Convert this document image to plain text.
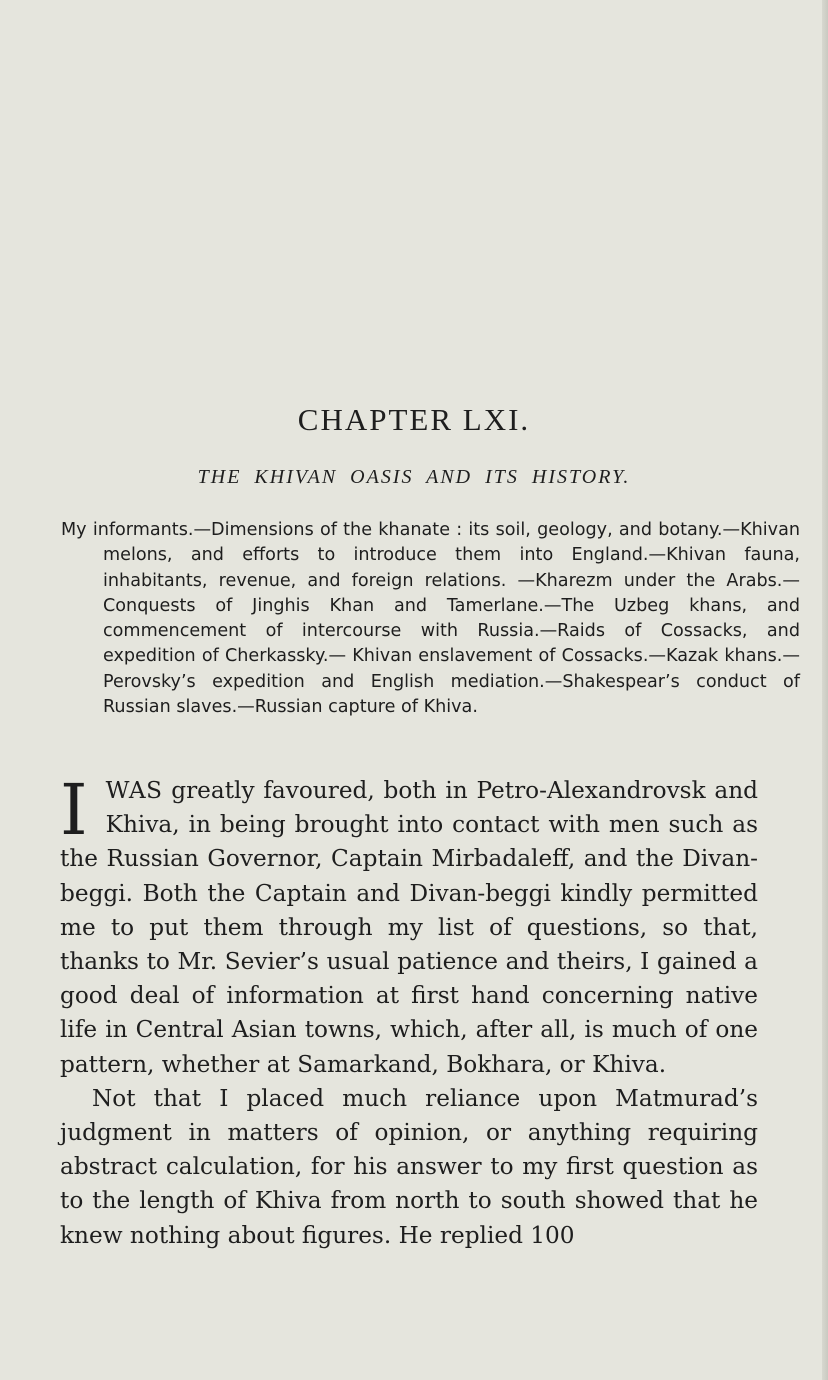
CHAPTER LXI.
THE KHIVAN OASIS AND ITS HISTORY.

My informants.—Dimensions of the khanate : its soil, geology, and botany.—Khivan melons, and efforts to introduce them into England.—Khivan fauna, inhabitants, revenue, and foreign relations. —Kharezm under the Arabs.—Conquests of Jinghis Khan and Tamerlane.—The Uzbeg khans, and commencement of intercourse with Russia.—Raids of Cossacks, and expedition of Cherkassky.— Khivan enslavement of Cossacks.—Kazak khans.—Perovsky’s expedition and English mediation.—Shakespear’s conduct of Russian slaves.—Russian capture of Khiva.

IWAS greatly favoured, both in Petro-Alexandrovsk and Khiva, in being brought into contact with men such as the Russian Governor, Captain Mirbadaleff, and the Divan-beggi. Both the Captain and Divan-beggi kindly permitted me to put them through my list of questions, so that, thanks to Mr. Sevier’s usual patience and theirs, I gained a good deal of information at first hand concerning native life in Central Asian towns, which, after all, is much of one pattern, whether at Samarkand, Bokhara, or Khiva.

Not that I placed much reliance upon Matmurad’s judgment in matters of opinion, or anything requiring abstract calculation, for his answer to my first question as to the length of Khiva from north to south showed that he knew nothing about figures. He replied 100
